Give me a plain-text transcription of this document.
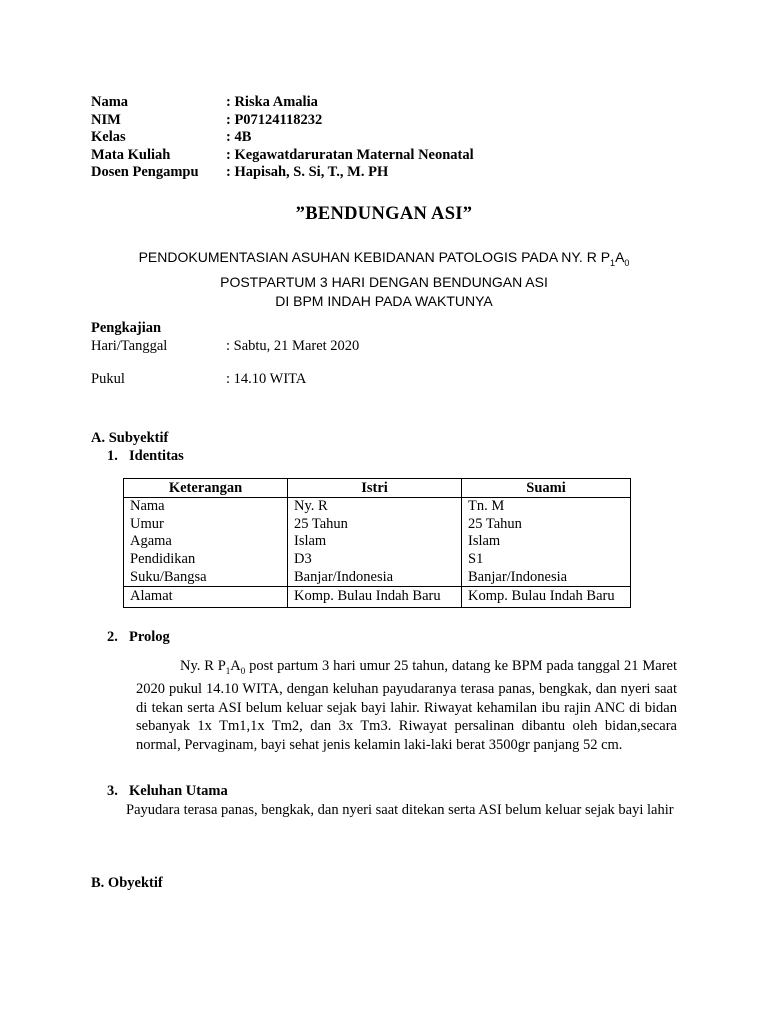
Nama	: Riska Amalia
NIM	: P07124118232
Kelas	: 4B
Mata Kuliah	: Kegawatdaruratan Maternal Neonatal
Dosen Pengampu	: Hapisah, S. Si, T., M. PH
”BENDUNGAN ASI”
PENDOKUMENTASIAN ASUHAN KEBIDANAN PATOLOGIS PADA NY. R $P_1A_0$
POSTPARTUM 3 HARI DENGAN BENDUNGAN ASI
DI BPM INDAH PADA WAKTUNYA
Pengkajian
Hari/Tanggal	: Sabtu, 21 Maret 2020
Pukul	: 14.10 WITA
A. Subyektif
1. Identitas
Keterangan	Istri	Suami
Nama	Ny. R	Tn. M
Umur	25 Tahun	25 Tahun
Agama	Islam	Islam
Pendidikan	D3	S1
Suku/Bangsa	Banjar/Indonesia	Banjar/Indonesia
Alamat	Komp. Bulau Indah Baru	Komp. Bulau Indah Baru
2. Prolog
Ny. R $P_1A_0$ post partum 3 hari umur 25 tahun, datang ke BPM pada tanggal 21 Maret 2020 pukul 14.10 WITA, dengan keluhan payudaranya terasa panas, bengkak, dan nyeri saat di tekan serta ASI belum keluar sejak bayi lahir. Riwayat kehamilan ibu rajin ANC di bidan sebanyak 1x Tm1,1x Tm2, dan 3x Tm3. Riwayat persalinan dibantu oleh bidan,secara normal, Pervaginam, bayi sehat jenis kelamin laki-laki berat 3500gr panjang 52 cm.
3. Keluhan Utama
Payudara terasa panas, bengkak, dan nyeri saat ditekan serta ASI belum keluar sejak bayi lahir
B. Obyektif
